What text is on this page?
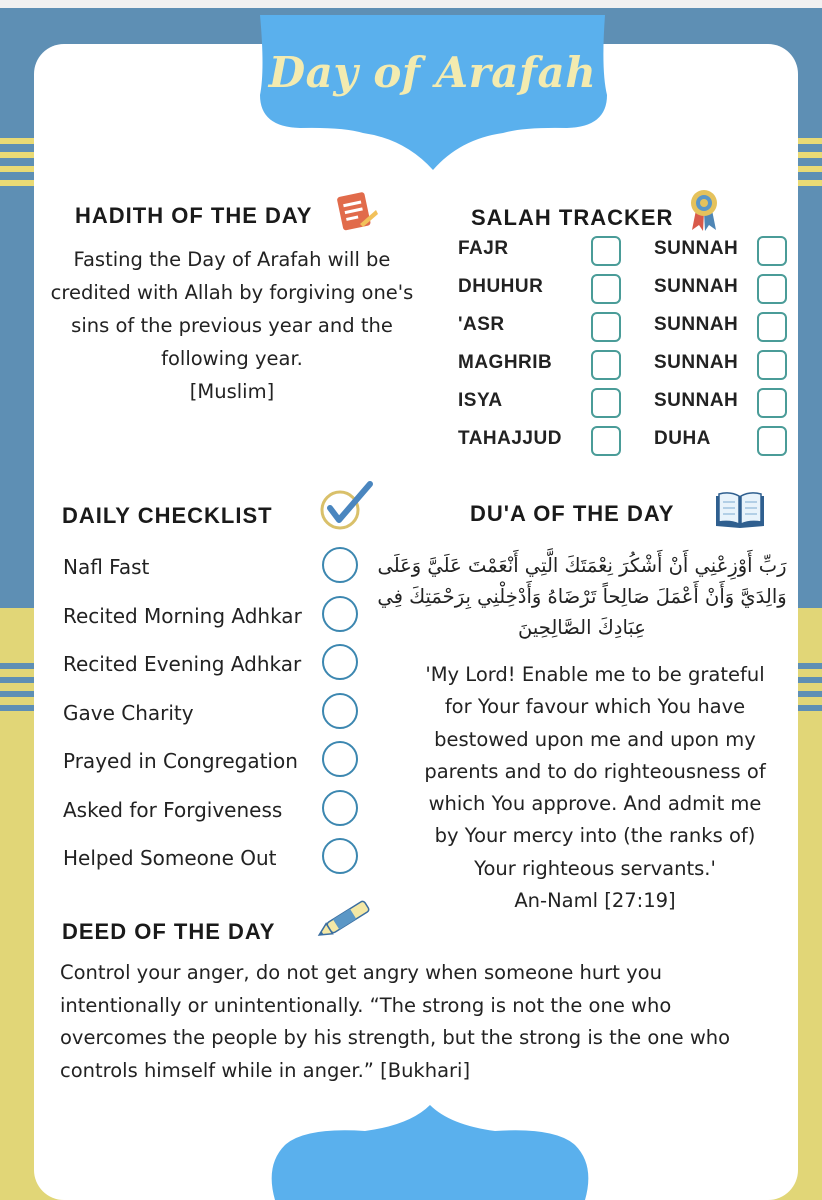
Day of Arafah
HADITH OF THE DAY
Fasting the Day of Arafah will be
credited with Allah by forgiving one's
sins of the previous year and the
following year.
[Muslim]
SALAH TRACKER
FAJR
DHUHUR
'ASR
MAGHRIB
ISYA
TAHAJJUD
SUNNAH
SUNNAH
SUNNAH
SUNNAH
SUNNAH
DUHA
DAILY CHECKLIST
Nafl Fast
Recited Morning Adhkar
Recited Evening Adhkar
Gave Charity
Prayed in Congregation
Asked for Forgiveness
Helped Someone Out
DU'A OF THE DAY
رَبِّ أَوْزِعْنِي أَنْ أَشْكُرَ نِعْمَتَكَ الَّتِي أَنْعَمْتَ عَلَيَّ وَعَلَى
وَالِدَيَّ وَأَنْ أَعْمَلَ صَالِحاً تَرْضَاهُ وَأَدْخِلْنِي بِرَحْمَتِكَ فِي
عِبَادِكَ الصَّالِحِينَ
'My Lord! Enable me to be grateful
for Your favour which You have
bestowed upon me and upon my
parents and to do righteousness of
which You approve. And admit me
by Your mercy into (the ranks of)
Your righteous servants.'
An-Naml [27:19]
DEED OF THE DAY
Control your anger, do not get angry when someone hurt you
intentionally or unintentionally. “The strong is not the one who
overcomes the people by his strength, but the strong is the one who
controls himself while in anger.” [Bukhari]
